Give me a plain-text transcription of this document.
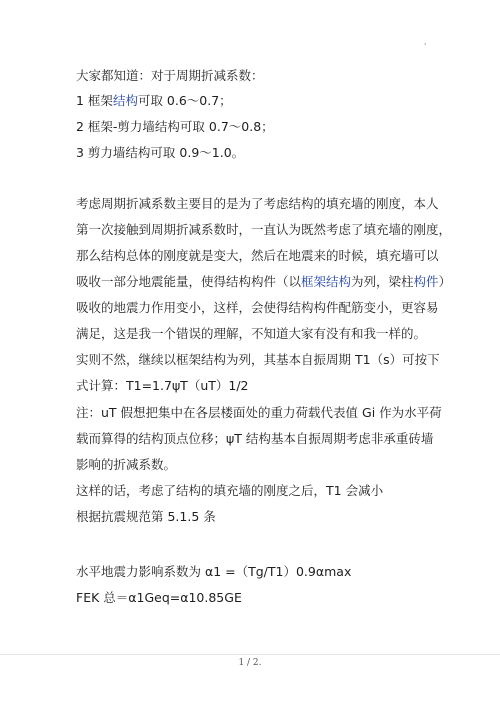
'
大家都知道：对于周期折减系数：
1 框架结构可取 0.6～0.7；
2 框架-剪力墙结构可取 0.7～0.8；
3 剪力墙结构可取 0.9～1.0。
考虑周期折减系数主要目的是为了考虑结构的填充墙的刚度，本人
第一次接触到周期折减系数时，一直认为既然考虑了填充墙的刚度，
那么结构总体的刚度就是变大，然后在地震来的时候，填充墙可以
吸收一部分地震能量，使得结构构件（以框架结构为列，梁柱构件）
吸收的地震力作用变小，这样，会使得结构构件配筋变小，更容易
满足，这是我一个错误的理解，不知道大家有没有和我一样的。
实则不然，继续以框架结构为列，其基本自振周期 T1（s）可按下
式计算：T1=1.7ψT（uT）1/2
注：uT 假想把集中在各层楼面处的重力荷载代表值 Gi 作为水平荷
载而算得的结构顶点位移；ψT 结构基本自振周期考虑非承重砖墙
影响的折减系数。
这样的话，考虑了结构的填充墙的刚度之后，T1 会减小
根据抗震规范第 5.1.5 条
水平地震力影响系数为 α1 =（Tg/T1）0.9αmax
FEK 总＝α1Geq=α10.85GE
1 / 2.
